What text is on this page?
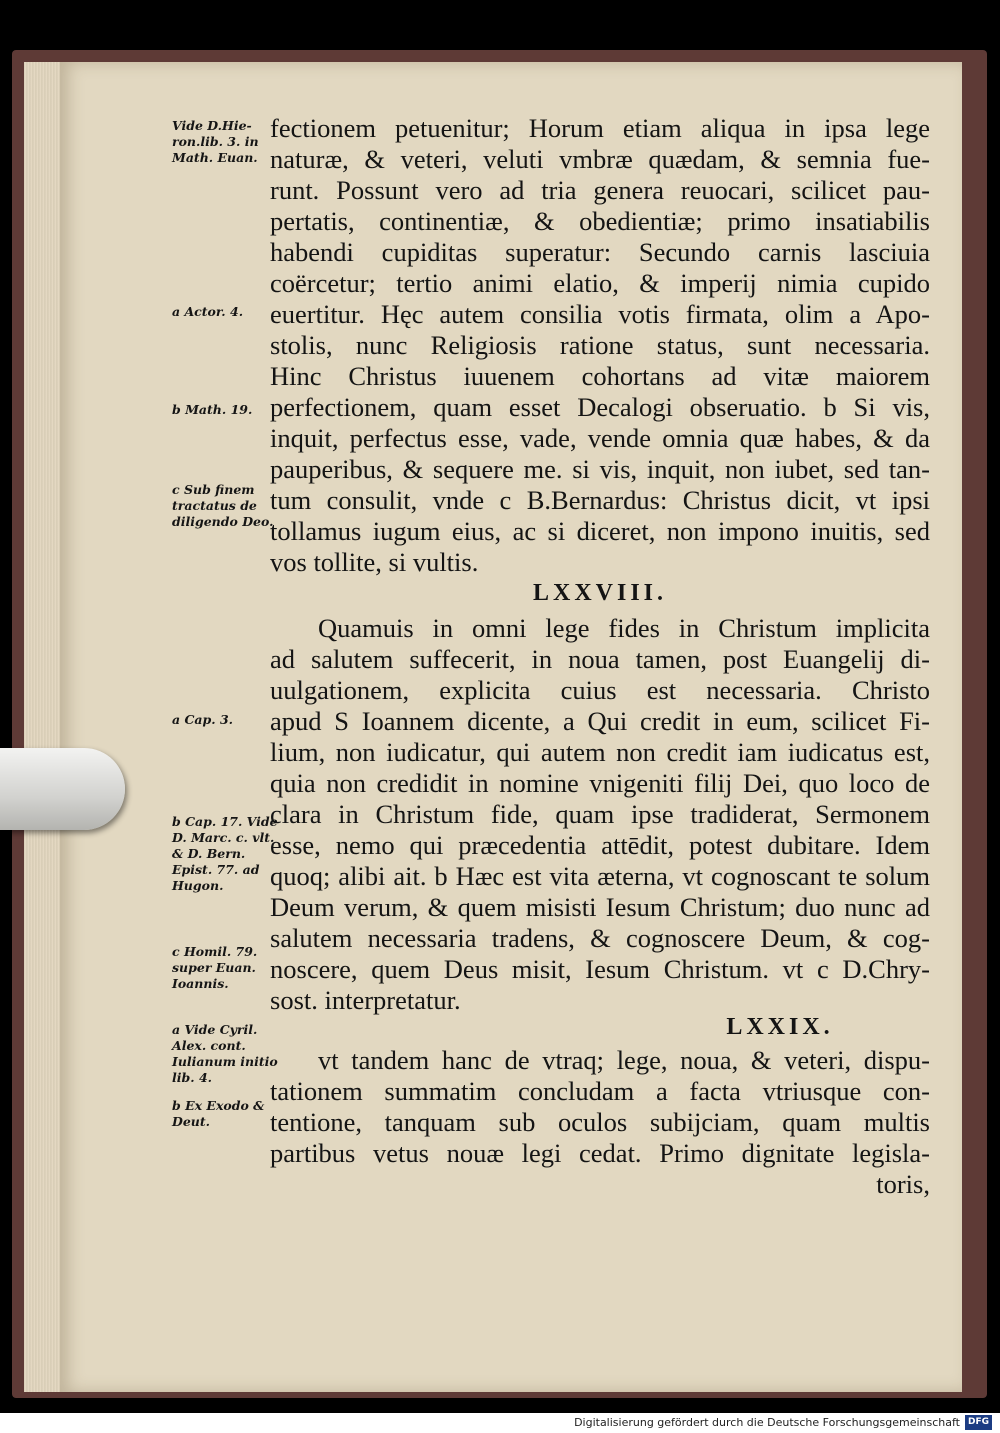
Vide D.Hie- ron.lib. 3. in Math. Euan.

a Actor. 4.

b Math. 19.

c Sub finem tractatus de diligendo Deo.

a Cap. 3.

b Cap. 17. Vide D. Marc. c. vlt. & D. Bern. Epist. 77. ad Hugon.

c Homil. 79. super Euan. Ioannis.

a Vide Cyril. Alex. cont. Iulianum initio lib. 4.

b Ex Exodo & Deut.

fectionem petuenitur; Horum etiam aliqua in ipsa lege

naturæ, & veteri, veluti vmbræ quædam, & semnia fue-

runt. Possunt vero ad tria genera reuocari, scilicet pau-

pertatis, continentiæ, & obedientiæ; primo insatiabilis

habendi cupiditas superatur: Secundo carnis lasciuia

coërcetur; tertio animi elatio, & imperij nimia cupido

euertitur. Hęc autem consilia votis firmata, olim a Apo-

stolis, nunc Religiosis ratione status, sunt necessaria.

Hinc Christus iuuenem cohortans ad vitæ maiorem

perfectionem, quam esset Decalogi obseruatio. b Si vis,

inquit, perfectus esse, vade, vende omnia quæ habes, & da

pauperibus, & sequere me. si vis, inquit, non iubet, sed tan-

tum consulit, vnde c B.Bernardus: Christus dicit, vt ipsi

tollamus iugum eius, ac si diceret, non impono inuitis, sed

vos tollite, si vultis.

LXXVIII.

Quamuis in omni lege fides in Christum implicita

ad salutem suffecerit, in noua tamen, post Euangelij di-

uulgationem, explicita cuius est necessaria. Christo

apud S Ioannem dicente, a Qui credit in eum, scilicet Fi-

lium, non iudicatur, qui autem non credit iam iudicatus est,

quia non credidit in nomine vnigeniti filij Dei, quo loco de

clara in Christum fide, quam ipse tradiderat, Sermonem

esse, nemo qui præcedentia attēdit, potest dubitare. Idem

quoq; alibi ait. b Hæc est vita æterna, vt cognoscant te solum

Deum verum, & quem misisti Iesum Christum; duo nunc ad

salutem necessaria tradens, & cognoscere Deum, & cog-

noscere, quem Deus misit, Iesum Christum. vt c D.Chry-

sost. interpretatur.

LXXIX.

vt tandem hanc de vtraq; lege, noua, & veteri, dispu-

tationem summatim concludam a facta vtriusque con-

tentione, tanquam sub oculos subijciam, quam multis

partibus vetus nouæ legi cedat. Primo dignitate legisla-

toris,

Digitalisierung gefördert durch die Deutsche Forschungsgemeinschaft DFG
